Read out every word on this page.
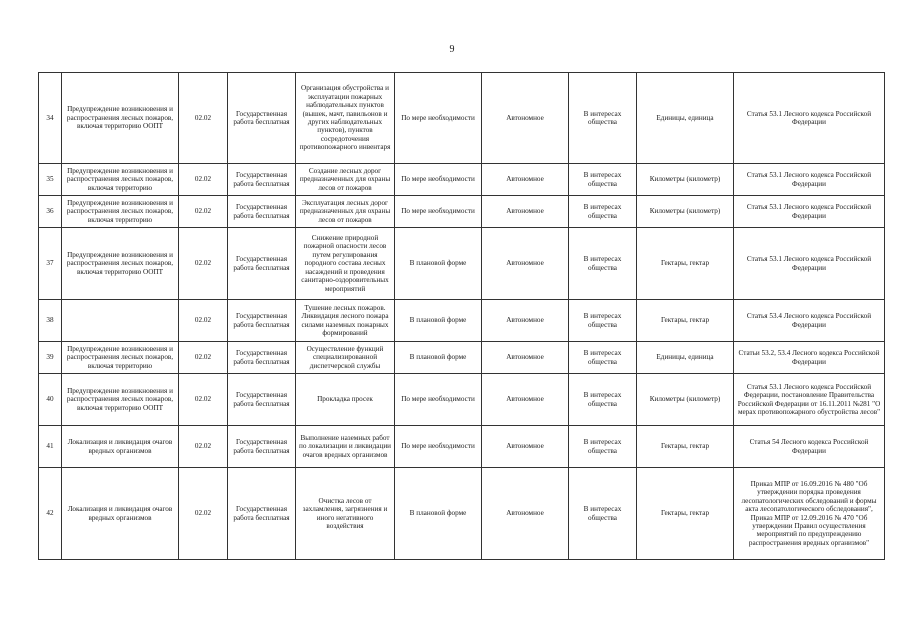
9
34	Предупреждение возникновения и распространения лесных пожаров, включая территорию ООПТ	02.02	Государственная работа бесплатная	Организация обустройства и эксплуатации пожарных наблюдательных пунктов (вышек, мачт, павильонов и других наблюдательных пунктов), пунктов сосредоточения противопожарного инвентаря	По мере необходимости	Автономное	В интересах общества	Единицы, единица	Статья 53.1 Лесного кодекса Российской Федерации
35	Предупреждение возникновения и распространения лесных пожаров, включая территорию	02.02	Государственная работа бесплатная	Создание лесных дорог предназначенных для охраны лесов от пожаров	По мере необходимости	Автономное	В интересах общества	Километры (километр)	Статья 53.1 Лесного кодекса Российской Федерации
36	Предупреждение возникновения и распространения лесных пожаров, включая территорию	02.02	Государственная работа бесплатная	Эксплуатация лесных дорог предназначенных для охраны лесов от пожаров	По мере необходимости	Автономное	В интересах общества	Километры (километр)	Статья 53.1 Лесного кодекса Российской Федерации
37	Предупреждение возникновения и распространения лесных пожаров, включая территорию ООПТ	02.02	Государственная работа бесплатная	Снижение природной пожарной опасности лесов путем регулирования породного состава лесных насаждений и проведения санитарно-оздоровительных мероприятий	В плановой форме	Автономное	В интересах общества	Гектары, гектар	Статья 53.1 Лесного кодекса Российской Федерации
38		02.02	Государственная работа бесплатная	Тушение лесных пожаров. Ликвидация лесного пожара силами наземных пожарных формирований	В плановой форме	Автономное	В интересах общества	Гектары, гектар	Статья 53.4 Лесного кодекса Российской Федерации
39	Предупреждение возникновения и распространения лесных пожаров, включая территорию	02.02	Государственная работа бесплатная	Осуществление функций специализированной диспетчерской службы	В плановой форме	Автономное	В интересах общества	Единицы, единица	Статьи 53.2, 53.4 Лесного кодекса Российской Федерации
40	Предупреждение возникновения и распространения лесных пожаров, включая территорию ООПТ	02.02	Государственная работа бесплатная	Прокладка просек	По мере необходимости	Автономное	В интересах общества	Километры (километр)	Статья 53.1 Лесного кодекса Российской Федерации, постановление Правительства Российской Федерации от 16.11.2011 №281 "О мерах противопожарного обустройства лесов"
41	Локализация и ликвидация очагов вредных организмов	02.02	Государственная работа бесплатная	Выполнение наземных работ по локализации и ликвидации очагов вредных организмов	По мере необходимости	Автономное	В интересах общества	Гектары, гектар	Статья 54 Лесного кодекса Российской Федерации
42	Локализация и ликвидация очагов вредных организмов	02.02	Государственная работа бесплатная	Очистка лесов от захламления, загрязнения и иного негативного воздействия	В плановой форме	Автономное	В интересах общества	Гектары, гектар	Приказ МПР от 16.09.2016 № 480 "Об утверждении порядка проведения лесопатологических обследований и формы акта лесопатологического обследования", Приказ МПР от 12.09.2016 № 470 "Об утверждении Правил осуществления мероприятий по предупреждению распространения вредных организмов"
